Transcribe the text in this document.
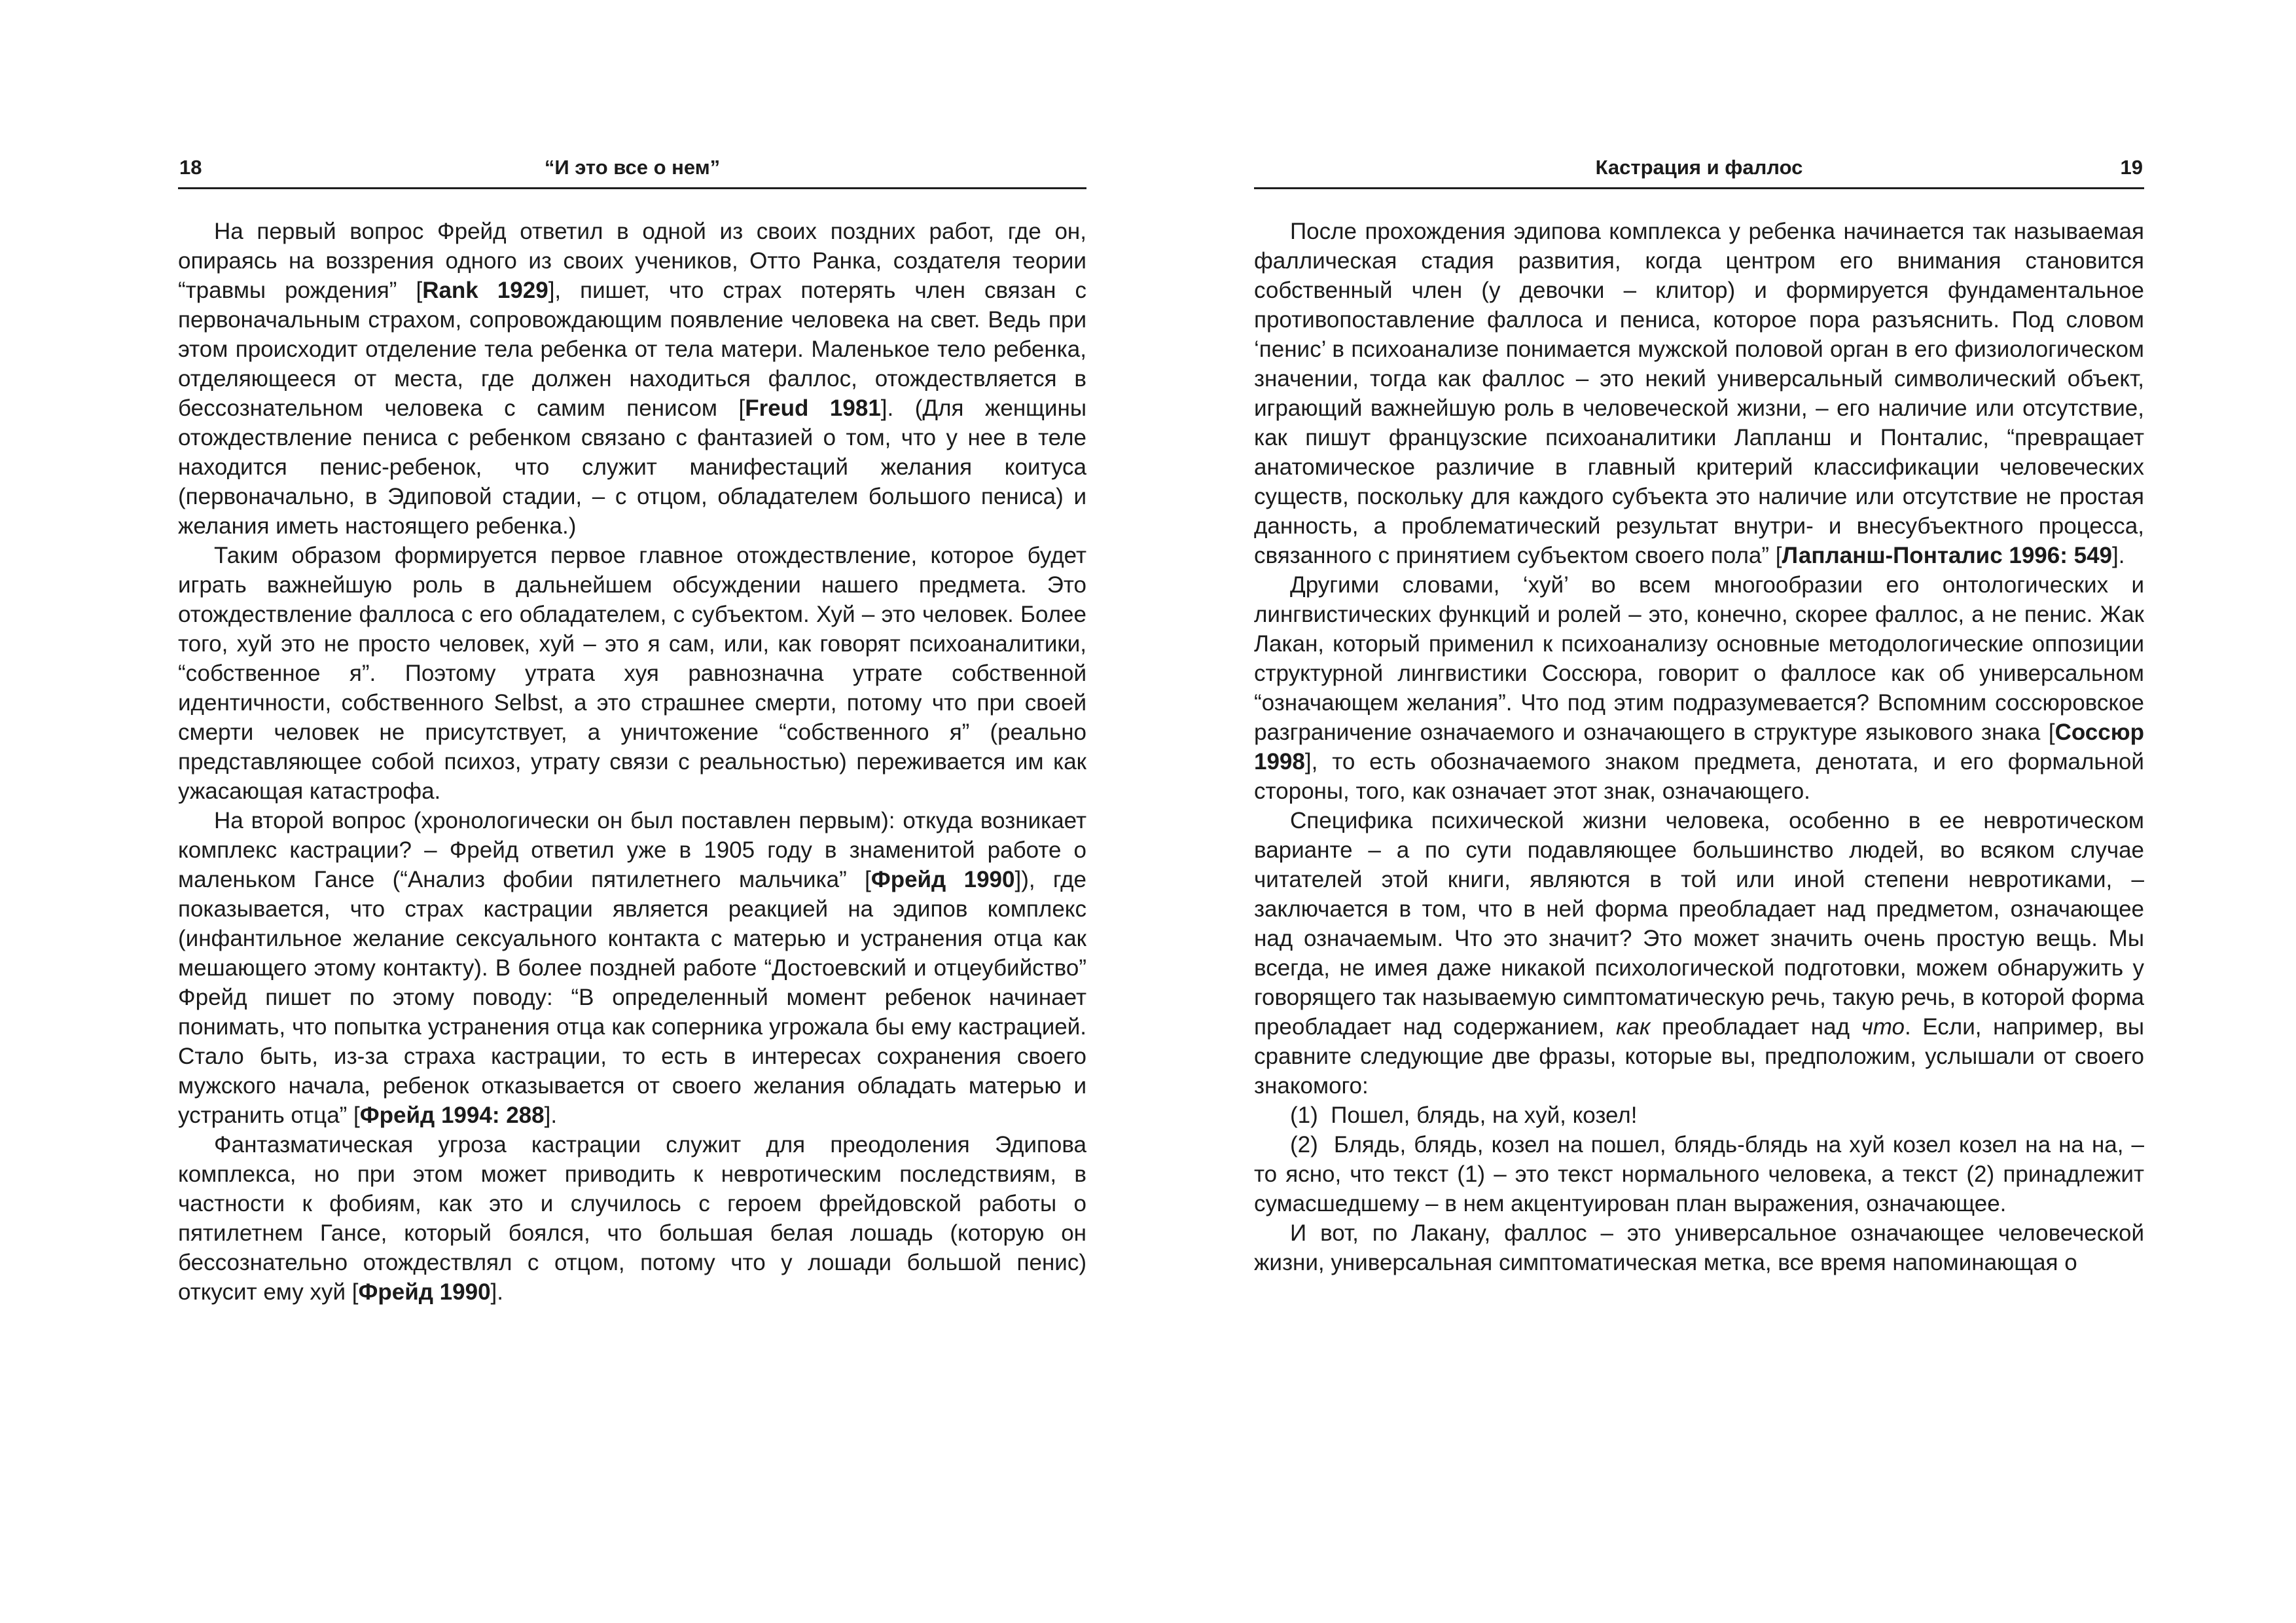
18	“И это все о нем”

На первый вопрос Фрейд ответил в одной из своих поздних работ, где он, опираясь на воззрения одного из своих учеников, Отто Ранка, создателя теории “травмы рождения” [Rank 1929], пишет, что страх потерять член связан с первоначальным страхом, сопровождающим появление человека на свет. Ведь при этом происходит отделение тела ребенка от тела матери. Маленькое тело ребенка, отделяющееся от места, где должен находиться фаллос, отождествляется в бессознательном человека с самим пенисом [Freud 1981]. (Для женщины отождествление пениса с ребенком связано с фантазией о том, что у нее в теле находится пенис-ребенок, что служит манифестаций желания коитуса (первоначально, в Эдиповой стадии, – с отцом, обладателем большого пениса) и желания иметь настоящего ребенка.)

Таким образом формируется первое главное отождествление, которое будет играть важнейшую роль в дальнейшем обсуждении нашего предмета. Это отождествление фаллоса с его обладателем, с субъектом. Хуй – это человек. Более того, хуй это не просто человек, хуй – это я сам, или, как говорят психоаналитики, “собственное я”. Поэтому утрата хуя равнозначна утрате собственной идентичности, собственного Selbst, а это страшнее смерти, потому что при своей смерти человек не присутствует, а уничтожение “собственного я” (реально представляющее собой психоз, утрату связи с реальностью) переживается им как ужасающая катастрофа.

На второй вопрос (хронологически он был поставлен первым): откуда возникает комплекс кастрации? – Фрейд ответил уже в 1905 году в знаменитой работе о маленьком Гансе (“Анализ фобии пятилетнего мальчика” [Фрейд 1990]), где показывается, что страх кастрации является реакцией на эдипов комплекс (инфантильное желание сексуального контакта с матерью и устранения отца как мешающего этому контакту). В более поздней работе “Достоевский и отцеубийство” Фрейд пишет по этому поводу: “В определенный момент ребенок начинает понимать, что попытка устранения отца как соперника угрожала бы ему кастрацией. Стало быть, из-за страха кастрации, то есть в интересах сохранения своего мужского начала, ребенок отказывается от своего желания обладать матерью и устранить отца” [Фрейд 1994: 288].

Фантазматическая угроза кастрации служит для преодоления Эдипова комплекса, но при этом может приводить к невротическим последствиям, в частности к фобиям, как это и случилось с героем фрейдовской работы о пятилетнем Гансе, который боялся, что большая белая лошадь (которую он бессознательно отождествлял с отцом, потому что у лошади большой пенис) откусит ему хуй [Фрейд 1990].

Кастрация и фаллос	19

После прохождения эдипова комплекса у ребенка начинается так называемая фаллическая стадия развития, когда центром его внимания становится собственный член (у девочки – клитор) и формируется фундаментальное противопоставление фаллоса и пениса, которое пора разъяснить. Под словом ‘пенис’ в психоанализе понимается мужской половой орган в его физиологическом значении, тогда как фаллос – это некий универсальный символический объект, играющий важнейшую роль в человеческой жизни, – его наличие или отсутствие, как пишут французские психоаналитики Лапланш и Понталис, “превращает анатомическое различие в главный критерий классификации человеческих существ, поскольку для каждого субъекта это наличие или отсутствие не простая данность, а проблематический результат внутри- и внесубъектного процесса, связанного с принятием субъектом своего пола” [Лапланш-Понталис 1996: 549].

Другими словами, ‘хуй’ во всем многообразии его онтологических и лингвистических функций и ролей – это, конечно, скорее фаллос, а не пенис. Жак Лакан, который применил к психоанализу основные методологические оппозиции структурной лингвистики Соссюра, говорит о фаллосе как об универсальном “означающем желания”. Что под этим подразумевается? Вспомним соссюровское разграничение означаемого и означающего в структуре языкового знака [Соссюр 1998], то есть обозначаемого знаком предмета, денотата, и его формальной стороны, того, как означает этот знак, означающего.

Специфика психической жизни человека, особенно в ее невротическом варианте – а по сути подавляющее большинство людей, во всяком случае читателей этой книги, являются в той или иной степени невротиками, – заключается в том, что в ней форма преобладает над предметом, означающее над означаемым. Что это значит? Это может значить очень простую вещь. Мы всегда, не имея даже никакой психологической подготовки, можем обнаружить у говорящего так называемую симптоматическую речь, такую речь, в которой форма преобладает над содержанием, как преобладает над что. Если, например, вы сравните следующие две фразы, которые вы, предположим, услышали от своего знакомого:

(1)  Пошел, блядь, на хуй, козел!

(2)  Блядь, блядь, козел на пошел, блядь-блядь на хуй козел козел на на на, – то ясно, что текст (1) – это текст нормального человека, а текст (2) принадлежит сумасшедшему – в нем акцентуирован план выражения, означающее.

И вот, по Лакану, фаллос – это универсальное означающее человеческой жизни, универсальная симптоматическая метка, все время напоминающая о
